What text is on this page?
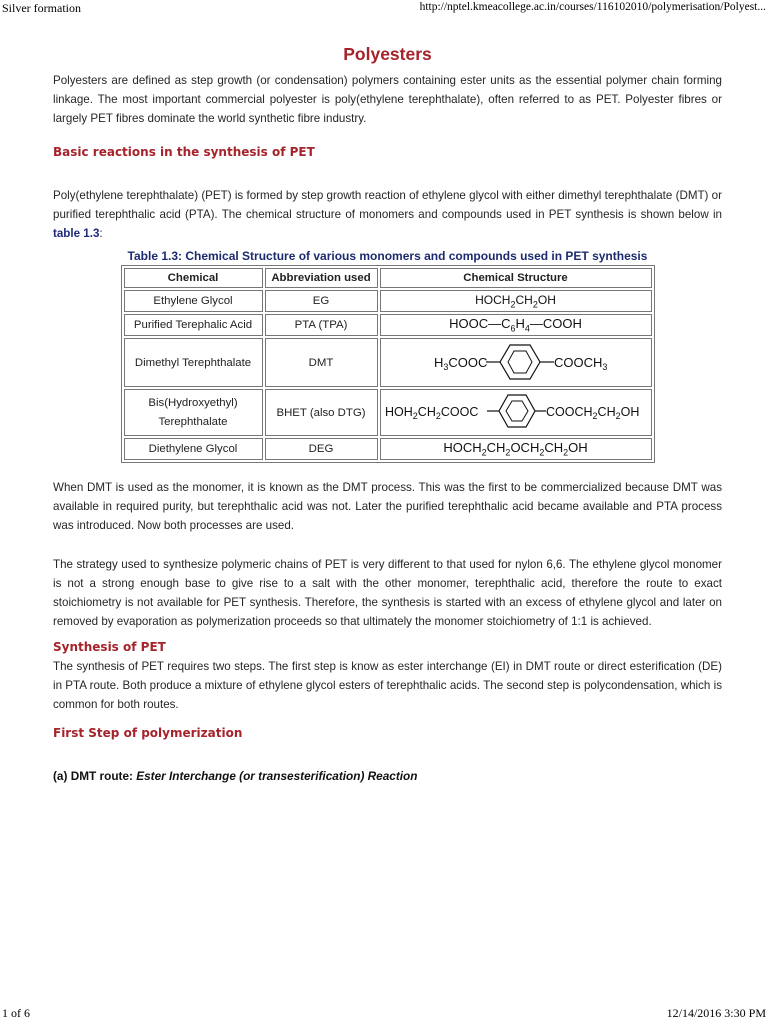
Silver formation	http://nptel.kmeacollege.ac.in/courses/116102010/polymerisation/Polyest...
Polyesters

Polyesters are defined as step growth (or condensation) polymers containing ester units as the essential polymer chain forming linkage. The most important commercial polyester is poly(ethylene terephthalate), often referred to as PET. Polyester fibres or largely PET fibres dominate the world synthetic fibre industry.

Basic reactions in the synthesis of PET

Poly(ethylene terephthalate) (PET) is formed by step growth reaction of ethylene glycol with either dimethyl terephthalate (DMT) or purified terephthalic acid (PTA). The chemical structure of monomers and compounds used in PET synthesis is shown below in table 1.3:

Table 1.3: Chemical Structure of various monomers and compounds used in PET synthesis
Chemical	Abbreviation used	Chemical Structure
Ethylene Glycol	EG	$HOCH_2CH_2OH$
Purified Terephalic Acid	PTA (TPA)	$HOOC—C_6H_4—COOH$
Dimethyl Terephthalate	DMT	$H_3COOC$ $COOCH_3$

Bis(Hydroxyethyl)
Terephthalate	BHET (also DTG)	$HOH_2CH_2COOC$ $COOCH_2CH_2OH$

Diethylene Glycol	DEG	$HOCH_2CH_2OCH_2CH_2OH$

When DMT is used as the monomer, it is known as the DMT process. This was the first to be commercialized because DMT was available in required purity, but terephthalic acid was not. Later the purified terephthalic acid became available and PTA process was introduced. Now both processes are used.

The strategy used to synthesize polymeric chains of PET is very different to that used for nylon 6,6. The ethylene glycol monomer is not a strong enough base to give rise to a salt with the other monomer, terephthalic acid, therefore the route to exact stoichiometry is not available for PET synthesis. Therefore, the synthesis is started with an excess of ethylene glycol and later on removed by evaporation as polymerization proceeds so that ultimately the monomer stoichiometry of 1:1 is achieved.

Synthesis of PET

The synthesis of PET requires two steps. The first step is know as ester interchange (EI) in DMT route or direct esterification (DE) in PTA route. Both produce a mixture of ethylene glycol esters of terephthalic acids. The second step is polycondensation, which is common for both routes.

First Step of polymerization
(a) DMT route: Ester Interchange (or transesterification) Reaction
1 of 6	12/14/2016 3:30 PM
